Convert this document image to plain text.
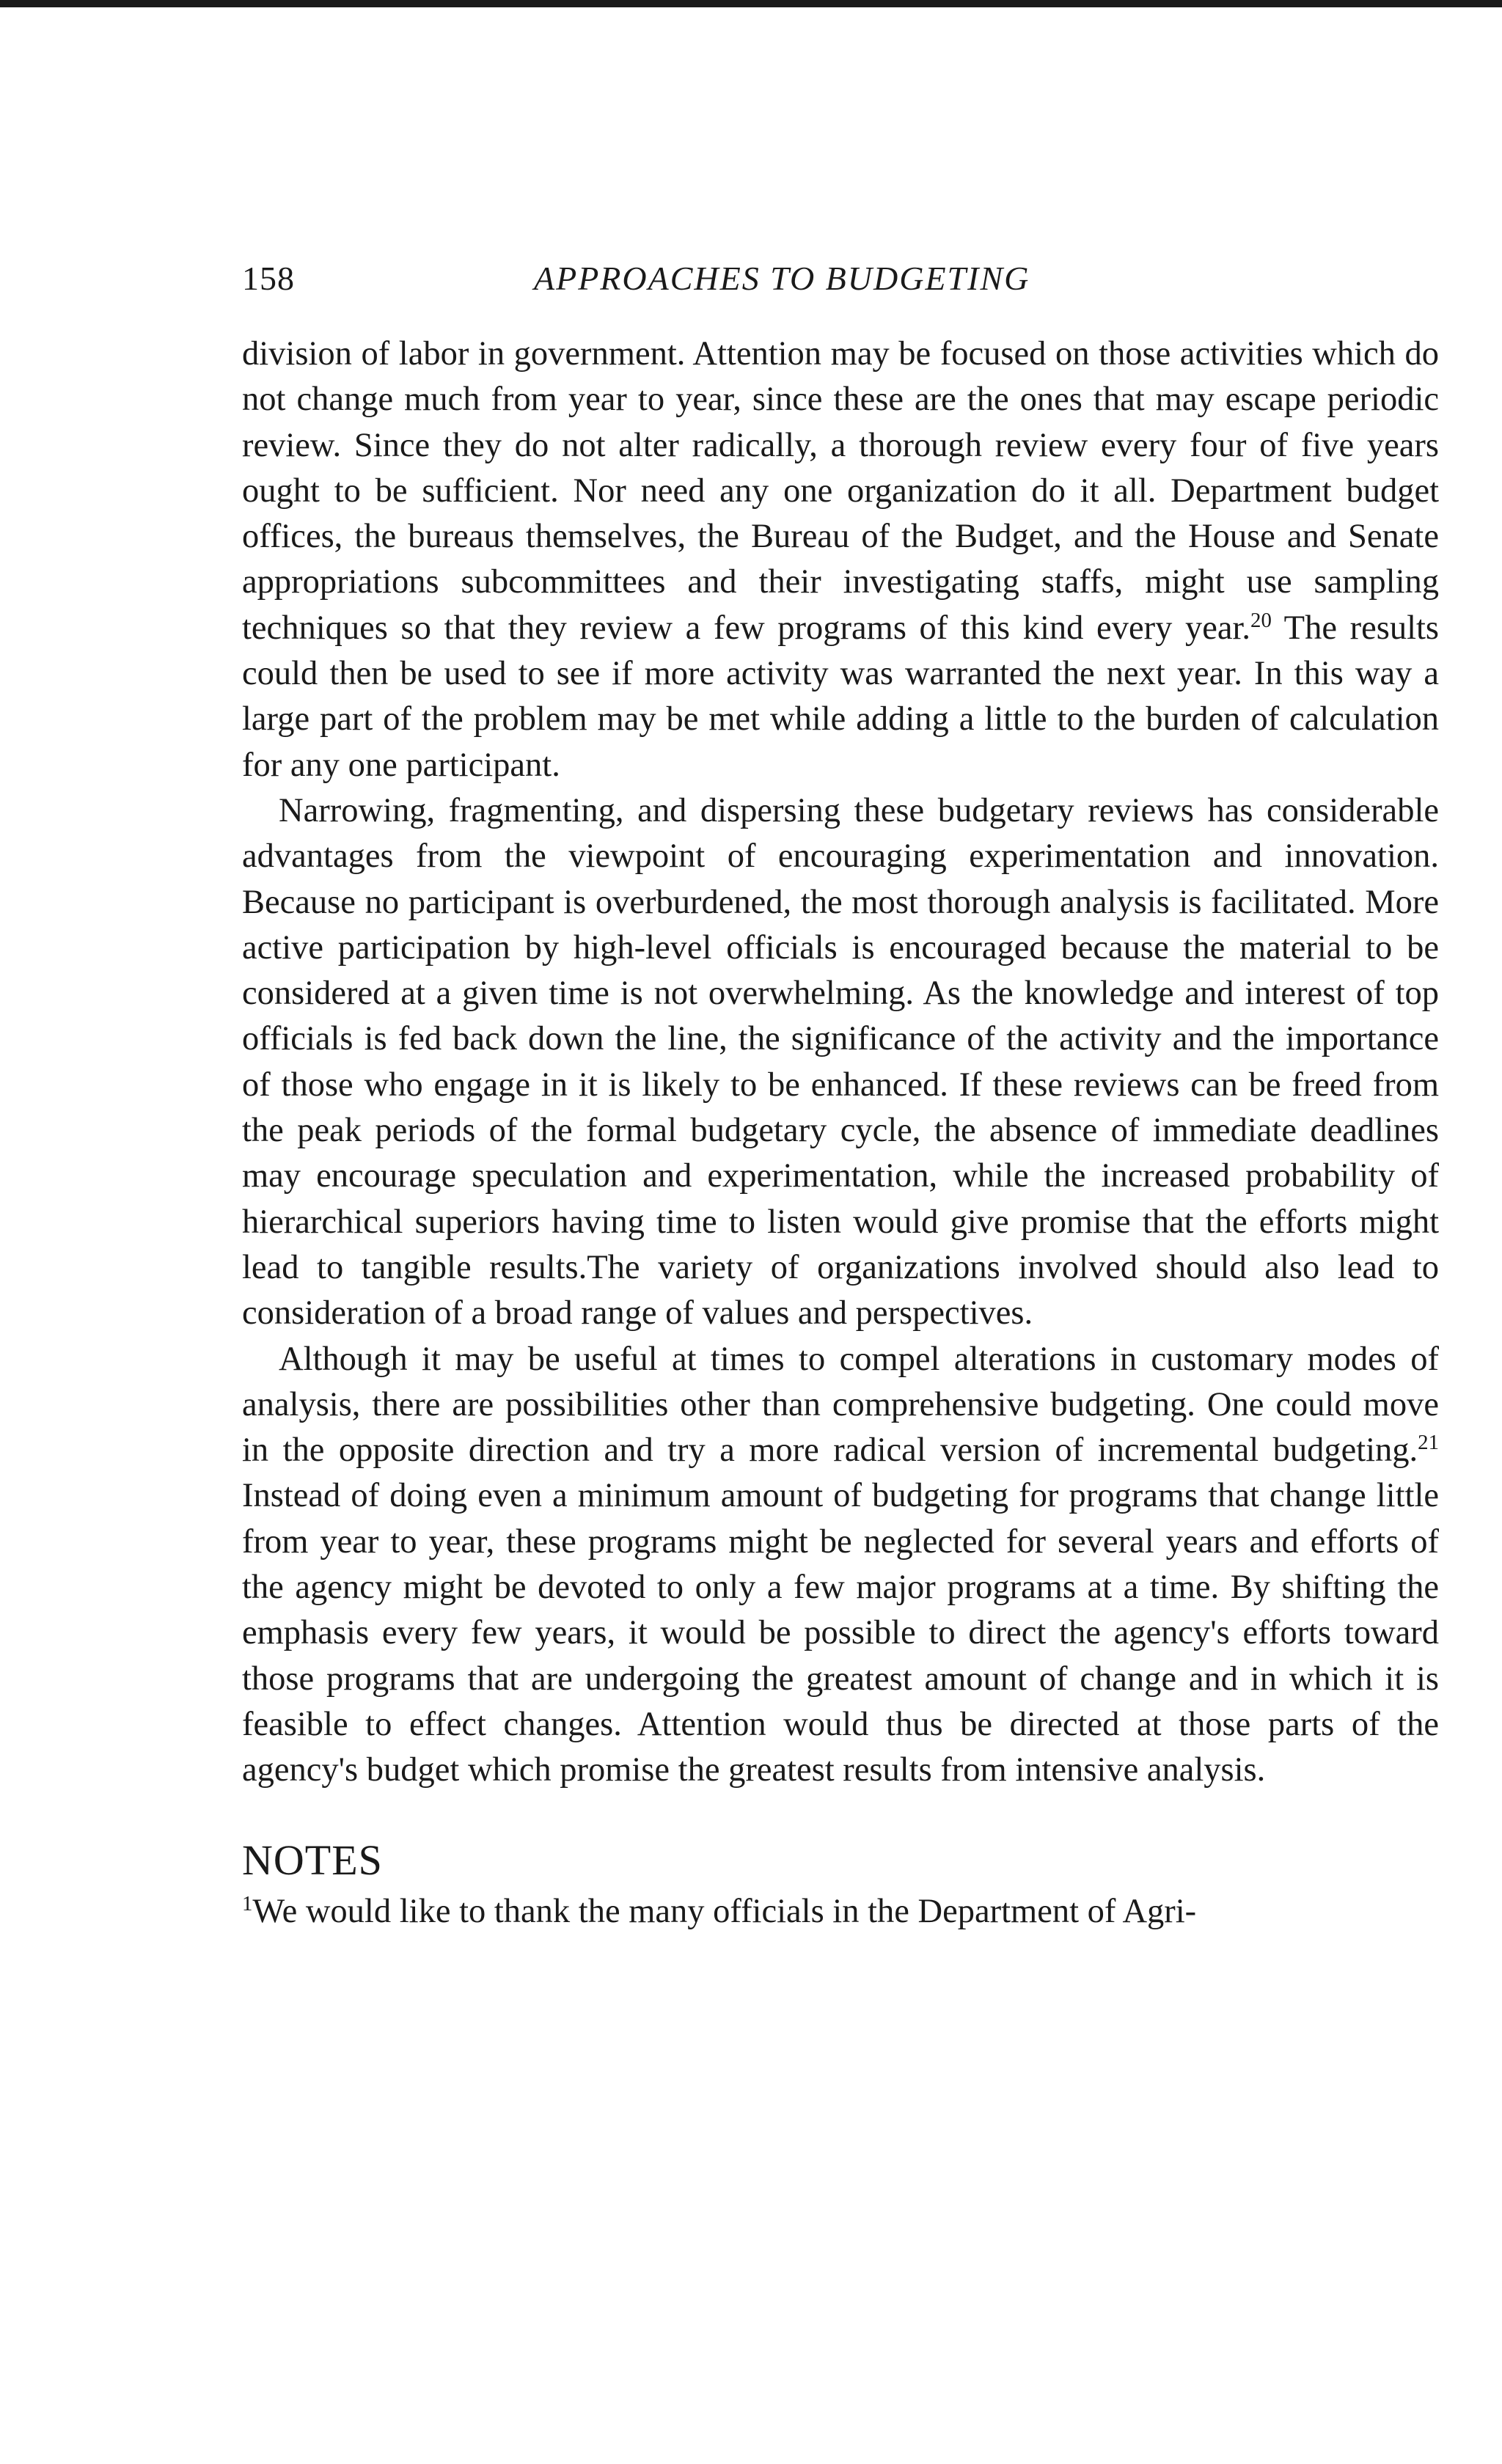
158	APPROACHES TO BUDGETING

division of labor in government. Attention may be focused on those activities which do not change much from year to year, since these are the ones that may escape periodic review. Since they do not alter radically, a thorough review every four of five years ought to be sufficient. Nor need any one organization do it all. Department budget offices, the bureaus themselves, the Bureau of the Budget, and the House and Senate appropriations subcommittees and their investigating staffs, might use sampling techniques so that they review a few programs of this kind every year.$^{20}$ The results could then be used to see if more activity was warranted the next year. In this way a large part of the problem may be met while adding a little to the burden of calculation for any one participant.

Narrowing, fragmenting, and dispersing these budgetary reviews has considerable advantages from the viewpoint of encouraging experimentation and innovation. Because no participant is overburdened, the most thorough analysis is facilitated. More active participation by high-level officials is encouraged because the material to be considered at a given time is not overwhelming. As the knowledge and interest of top officials is fed back down the line, the significance of the activity and the importance of those who engage in it is likely to be enhanced. If these reviews can be freed from the peak periods of the formal budgetary cycle, the absence of immediate deadlines may encourage speculation and experimentation, while the increased probability of hierarchical superiors having time to listen would give promise that the efforts might lead to tangible results.The variety of organizations involved should also lead to consideration of a broad range of values and perspectives.

Although it may be useful at times to compel alterations in customary modes of analysis, there are possibilities other than comprehensive budgeting. One could move in the opposite direction and try a more radical version of incremental budgeting.$^{21}$ Instead of doing even a minimum amount of budgeting for programs that change little from year to year, these programs might be neglected for several years and efforts of the agency might be devoted to only a few major programs at a time. By shifting the emphasis every few years, it would be possible to direct the agency's efforts toward those programs that are undergoing the greatest amount of change and in which it is feasible to effect changes. Attention would thus be directed at those parts of the agency's budget which promise the greatest results from intensive analysis.

NOTES
$^1$We would like to thank the many officials in the Department of Agri-
